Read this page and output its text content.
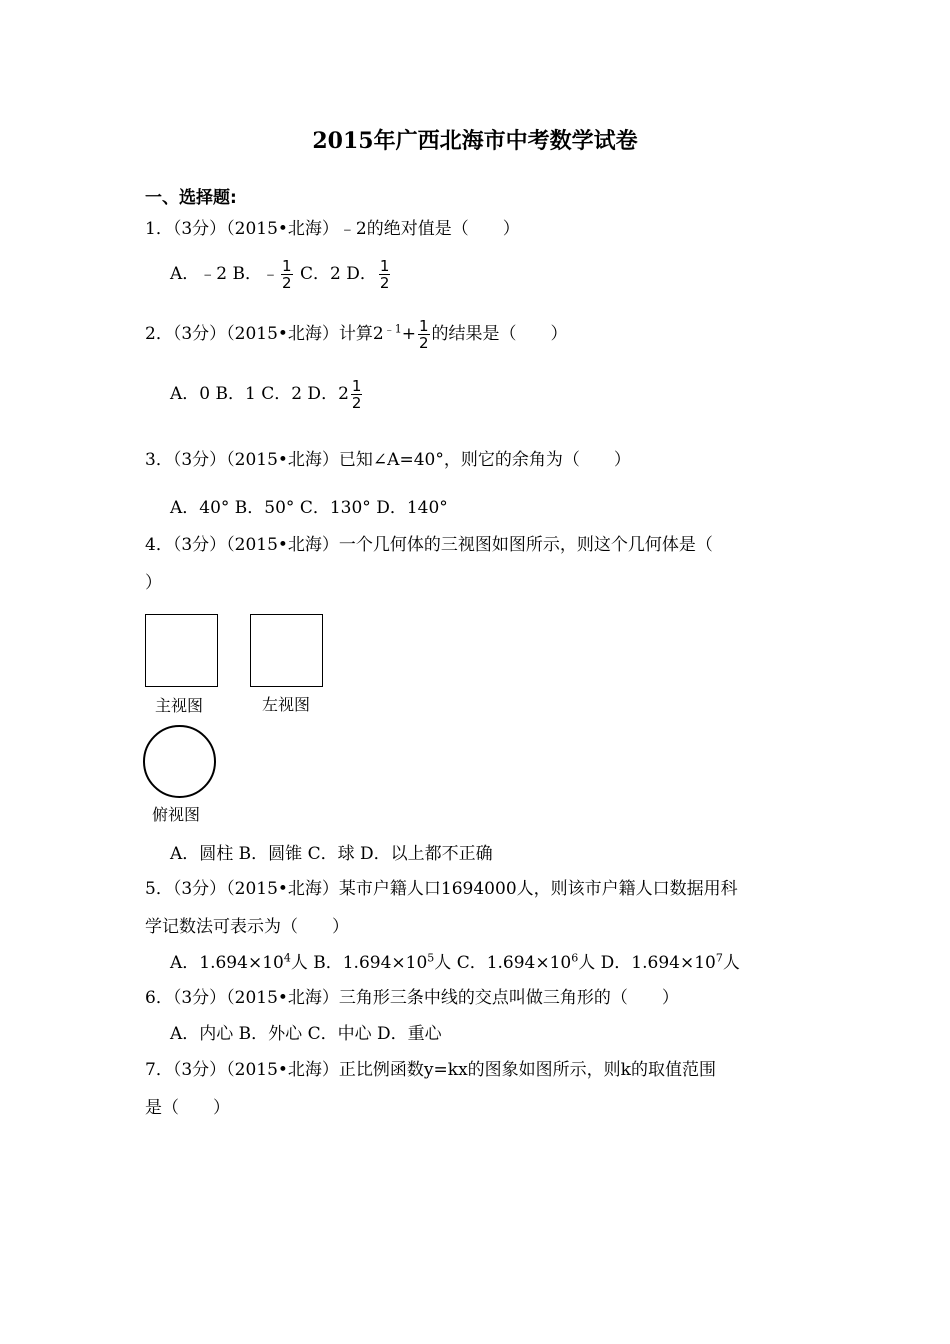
2015年广西北海市中考数学试卷
一、选择题:
1．（3分）（2015•北海）﹣2的绝对值是（　　）
A．﹣2 B．﹣ $\frac{1}{2}$ C．2 D． $\frac{1}{2}$
2．（3分）（2015•北海）计算$2^{﹣1}+ \frac{1}{2}$ 的结果是（　　）
A．0 B．1 C．2 D．$2 \frac{1}{2}$
3．（3分）（2015•北海）已知∠A=40°，则它的余角为（　　）
A．40° B．50° C．130° D．140°
4．（3分）（2015•北海）一个几何体的三视图如图所示，则这个几何体是（
）
主视图	左视图
俯视图
A．圆柱 B．圆锥 C．球 D．以上都不正确
5．（3分）（2015•北海）某市户籍人口1694000人，则该市户籍人口数据用科
学记数法可表示为（　　）
A．$1.694\times 10^4$人 B．$1.694\times 10^5$人 C．$1.694\times 10^6$人 D．$1.694\times 10^7$人
6．（3分）（2015•北海）三角形三条中线的交点叫做三角形的（　　）
A．内心 B．外心 C．中心 D．重心
7．（3分）（2015•北海）正比例函数y=kx的图象如图所示，则k的取值范围
是（　　）
